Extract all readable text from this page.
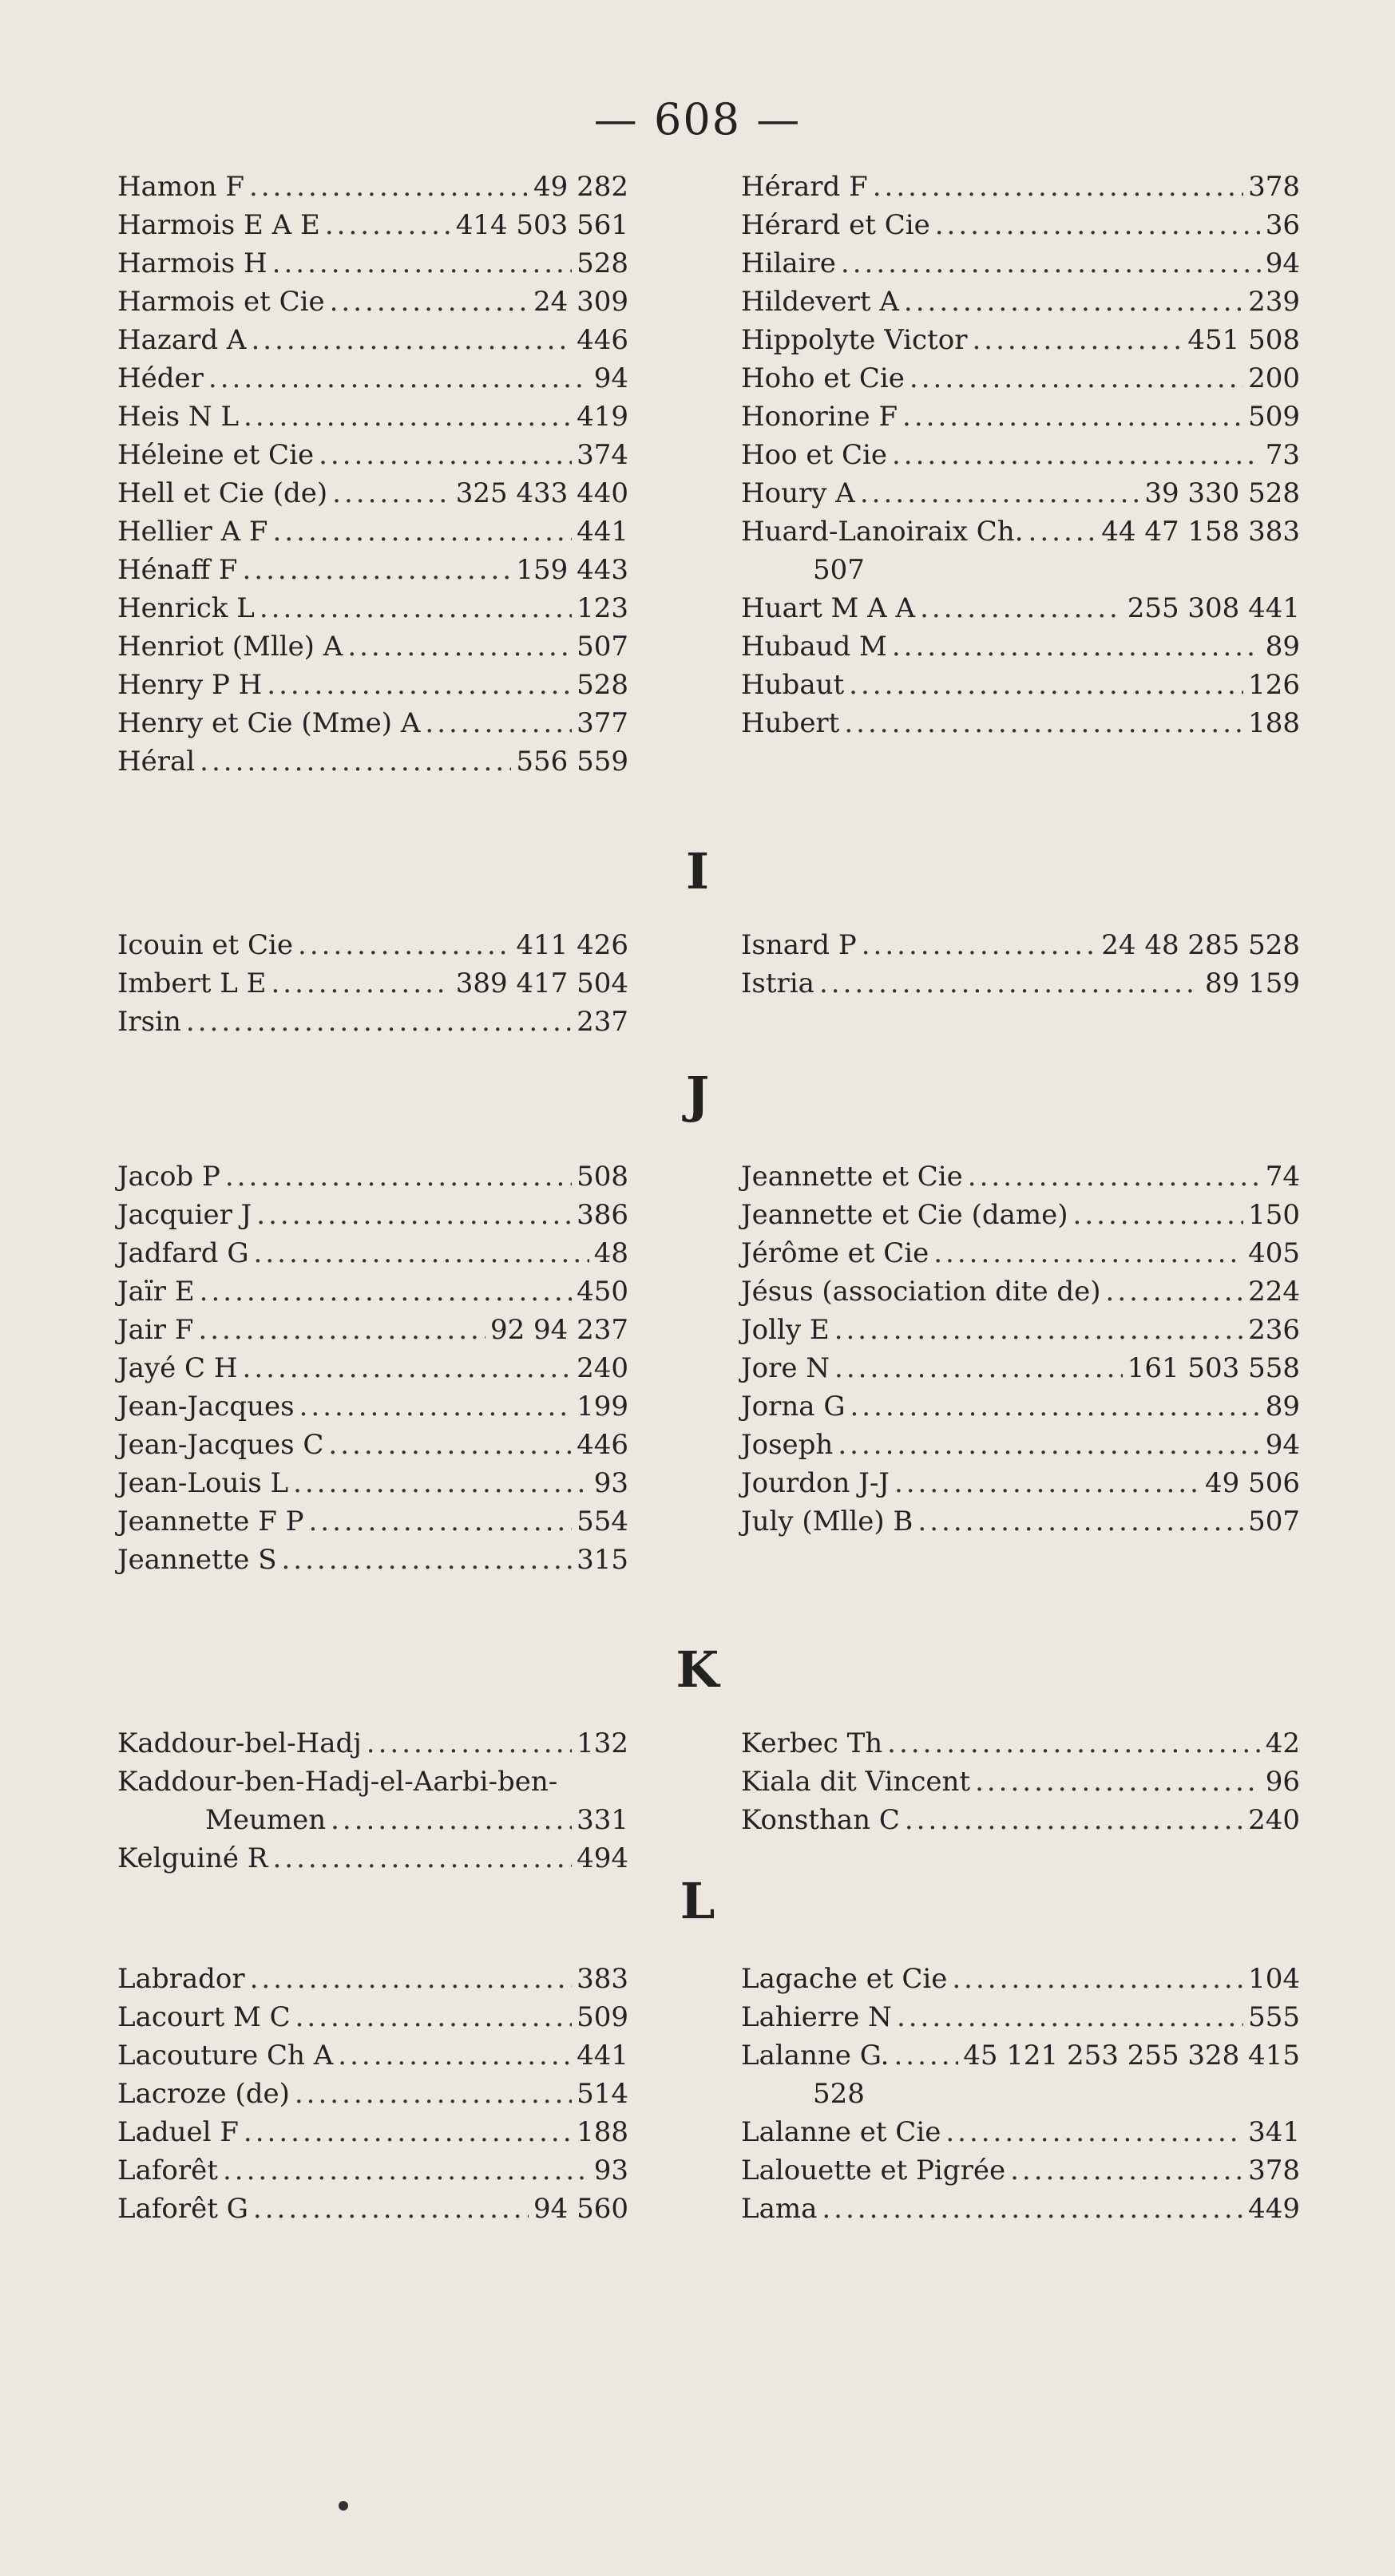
— 608 —
Hamon F .....	49 282
Harmois E A E .....	414 503 561
Harmois H .....	528
Harmois et Cie .....	24 309
Hazard A .....	446
Héder .....	94
Heis N L .....	419
Héleine et Cie .....	374
Hell et Cie (de) .....	325 433 440
Hellier A F .....	441
Hénaff F .....	159 443
Henrick L .....	123
Henriot (Mlle) A .....	507
Henry P H .....	528
Henry et Cie (Mme) A .....	377
Héral .....	556 559
Hérard F .....	378
Hérard et Cie .....	36
Hilaire .....	94
Hildevert A .....	239
Hippolyte Victor .....	451 508
Hoho et Cie .....	200
Honorine F .....	509
Hoo et Cie .....	73
Houry A .....	39 330 528
Huard-Lanoiraix Ch. .....	44 47 158 383
507
Huart M A A .....	255 308 441
Hubaud M .....	89
Hubaut .....	126
Hubert .....	188
I
Icouin et Cie .....	411 426
Imbert L E .....	389 417 504
Irsin .....	237
Isnard P .....	24 48 285 528
Istria .....	89 159
J
Jacob P .....	508
Jacquier J .....	386
Jadfard G .....	48
Jaïr E .....	450
Jair F .....	92 94 237
Jayé C H .....	240
Jean-Jacques .....	199
Jean-Jacques C .....	446
Jean-Louis L .....	93
Jeannette F P .....	554
Jeannette S .....	315
Jeannette et Cie .....	74
Jeannette et Cie (dame) .....	150
Jérôme et Cie .....	405
Jésus (association dite de) .....	224
Jolly E .....	236
Jore N .....	161 503 558
Jorna G .....	89
Joseph .....	94
Jourdon J-J .....	49 506
July (Mlle) B .....	507
K
Kaddour-bel-Hadj .....	132
Kaddour-ben-Hadj-el-Aarbi-ben-
Meumen .....	331
Kelguiné R .....	494
Kerbec Th .....	42
Kiala dit Vincent .....	96
Konsthan C .....	240
L
Labrador .....	383
Lacourt M C .....	509
Lacouture Ch A .....	441
Lacroze (de) .....	514
Laduel F .....	188
Laforêt .....	93
Laforêt G .....	94 560
Lagache et Cie .....	104
Lahierre N .....	555
Lalanne G. .....	45 121 253 255 328 415
528
Lalanne et Cie .....	341
Lalouette et Pigrée .....	378
Lama .....	449
